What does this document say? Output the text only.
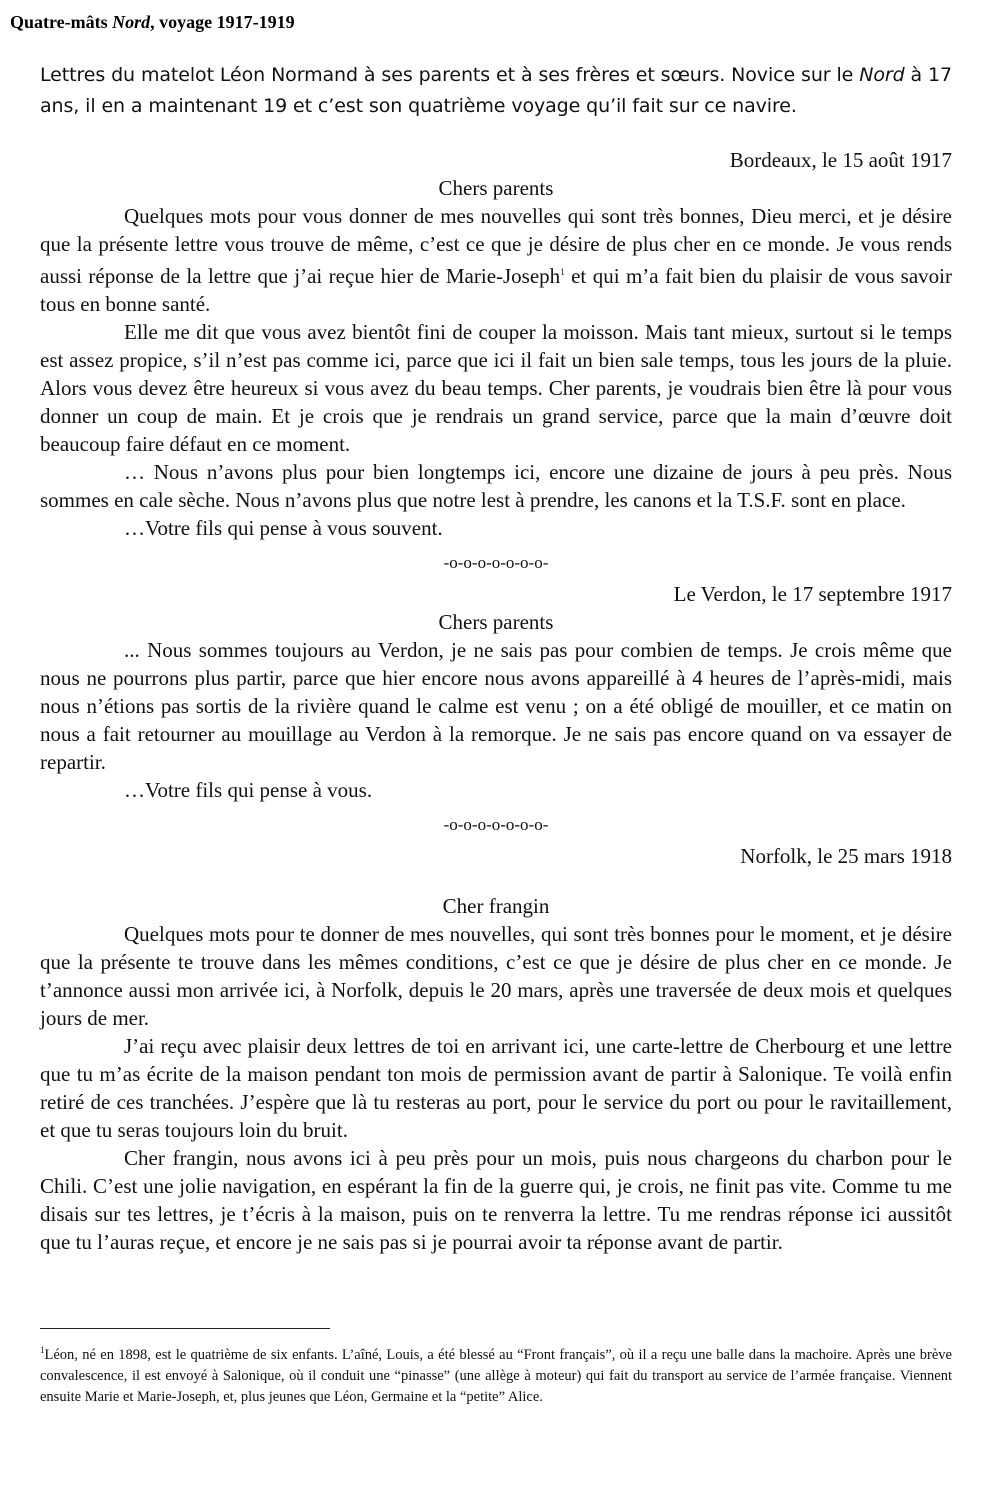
Quatre-mâts Nord, voyage 1917-1919
Lettres du matelot Léon Normand à ses parents et à ses frères et sœurs. Novice sur le Nord à 17 ans, il en a maintenant 19 et c’est son quatrième voyage qu’il fait sur ce navire.
Bordeaux, le 15 août 1917
Chers parents

Quelques mots pour vous donner de mes nouvelles qui sont très bonnes, Dieu merci, et je désire que la présente lettre vous trouve de même, c’est ce que je désire de plus cher en ce monde. Je vous rends aussi réponse de la lettre que j’ai reçue hier de Marie-Joseph$^1$ et qui m’a fait bien du plaisir de vous savoir tous en bonne santé.

Elle me dit que vous avez bientôt fini de couper la moisson. Mais tant mieux, surtout si le temps est assez propice, s’il n’est pas comme ici, parce que ici il fait un bien sale temps, tous les jours de la pluie. Alors vous devez être heureux si vous avez du beau temps. Cher parents, je voudrais bien être là pour vous donner un coup de main. Et je crois que je rendrais un grand service, parce que la main d’œuvre doit beaucoup faire défaut en ce moment.

… Nous n’avons plus pour bien longtemps ici, encore une dizaine de jours à peu près. Nous sommes en cale sèche. Nous n’avons plus que notre lest à prendre, les canons et la T.S.F. sont en place.

…Votre fils qui pense à vous souvent.

-o-o-o-o-o-o-o-
Le Verdon, le 17 septembre 1917
Chers parents

... Nous sommes toujours au Verdon, je ne sais pas pour combien de temps. Je crois même que nous ne pourrons plus partir, parce que hier encore nous avons appareillé à 4 heures de l’après-midi, mais nous n’étions pas sortis de la rivière quand le calme est venu ; on a été obligé de mouiller, et ce matin on nous a fait retourner au mouillage au Verdon à la remorque. Je ne sais pas encore quand on va essayer de repartir.

…Votre fils qui pense à vous.

-o-o-o-o-o-o-o-
Norfolk, le 25 mars 1918
Cher frangin

Quelques mots pour te donner de mes nouvelles, qui sont très bonnes pour le moment, et je désire que la présente te trouve dans les mêmes conditions, c’est ce que je désire de plus cher en ce monde. Je t’annonce aussi mon arrivée ici, à Norfolk, depuis le 20 mars, après une traversée de deux mois et quelques jours de mer.

J’ai reçu avec plaisir deux lettres de toi en arrivant ici, une carte-lettre de Cherbourg et une lettre que tu m’as écrite de la maison pendant ton mois de permission avant de partir à Salonique. Te voilà enfin retiré de ces tranchées. J’espère que là tu resteras au port, pour le service du port ou pour le ravitaillement, et que tu seras toujours loin du bruit.

Cher frangin, nous avons ici à peu près pour un mois, puis nous chargeons du charbon pour le Chili. C’est une jolie navigation, en espérant la fin de la guerre qui, je crois, ne finit pas vite. Comme tu me disais sur tes lettres, je t’écris à la maison, puis on te renverra la lettre. Tu me rendras réponse ici aussitôt que tu l’auras reçue, et encore je ne sais pas si je pourrai avoir ta réponse avant de partir.

$^1$Léon, né en 1898, est le quatrième de six enfants. L’aîné, Louis, a été blessé au “Front français”, où il a reçu une balle dans la machoire. Après une brève convalescence, il est envoyé à Salonique, où il conduit une “pinasse” (une allège à moteur) qui fait du transport au service de l’armée française. Viennent ensuite Marie et Marie-Joseph, et, plus jeunes que Léon, Germaine et la “petite” Alice.
